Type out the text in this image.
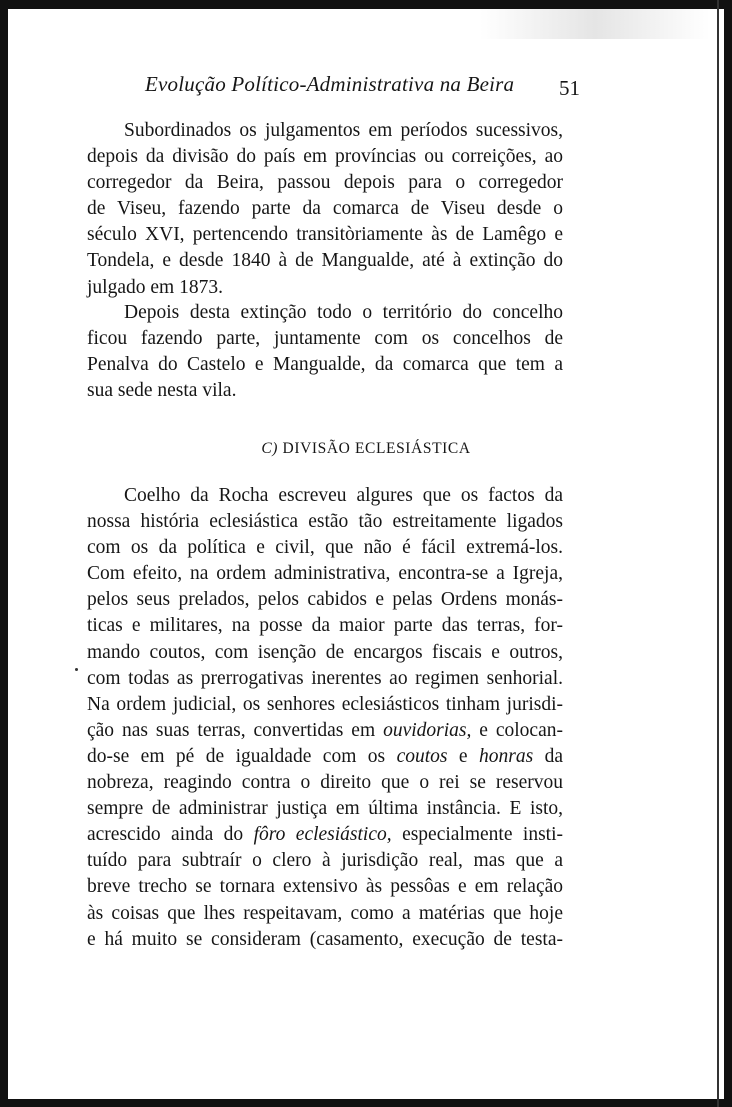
Evolução Político-Administrativa na Beira 51
Subordinados os julgamentos em períodos sucessivos,
depois da divisão do país em províncias ou correições, ao
corregedor da Beira, passou depois para o corregedor
de Viseu, fazendo parte da comarca de Viseu desde o
século XVI, pertencendo transitòriamente às de Lamêgo e
Tondela, e desde 1840 à de Mangualde, até à extinção do
julgado em 1873.
Depois desta extinção todo o território do concelho
ficou fazendo parte, juntamente com os concelhos de
Penalva do Castelo e Mangualde, da comarca que tem a
sua sede nesta vila.
C) DIVISÃO ECLESIÁSTICA
Coelho da Rocha escreveu algures que os factos da
nossa história eclesiástica estão tão estreitamente ligados
com os da política e civil, que não é fácil extremá-los.
Com efeito, na ordem administrativa, encontra-se a Igreja,
pelos seus prelados, pelos cabidos e pelas Ordens monás-
ticas e militares, na posse da maior parte das terras, for-
mando coutos, com isenção de encargos fiscais e outros,
com todas as prerrogativas inerentes ao regimen senhorial.
Na ordem judicial, os senhores eclesiásticos tinham jurisdi-
ção nas suas terras, convertidas em ouvidorias, e colocan-
do-se em pé de igualdade com os coutos e honras da
nobreza, reagindo contra o direito que o rei se reservou
sempre de administrar justiça em última instância. E isto,
acrescido ainda do fôro eclesiástico, especialmente insti-
tuído para subtraír o clero à jurisdição real, mas que a
breve trecho se tornara extensivo às pessôas e em relação
às coisas que lhes respeitavam, como a matérias que hoje
e há muito se consideram (casamento, execução de testa-
